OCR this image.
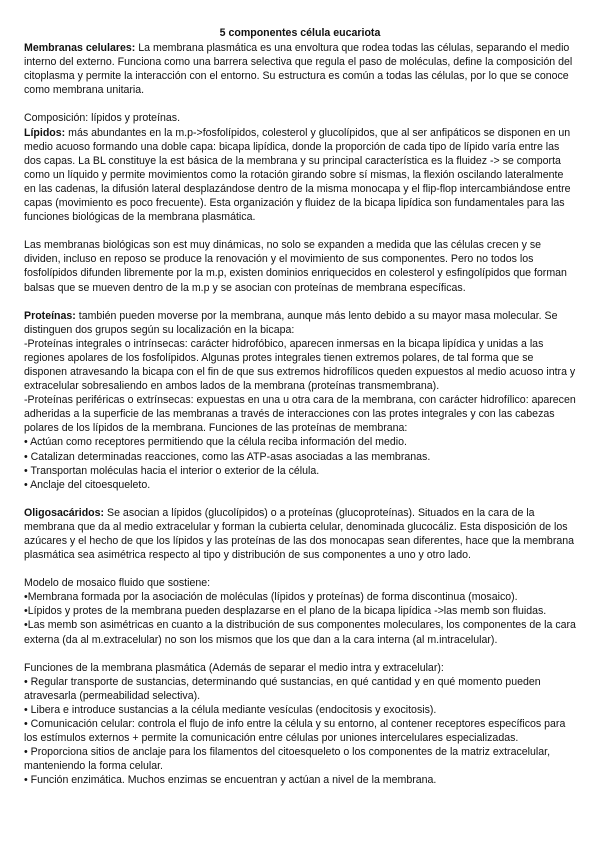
5 componentes célula eucariota

Membranas celulares: La membrana plasmática es una envoltura que rodea todas las células, separando el medio interno del externo. Funciona como una barrera selectiva que regula el paso de moléculas, define la composición del citoplasma y permite la interacción con el entorno. Su estructura es común a todas las células, por lo que se conoce como membrana unitaria.

Composición: lípidos y proteínas.

Lípidos: más abundantes en la m.p->fosfolípidos, colesterol y glucolípidos, que al ser anfipáticos se disponen en un medio acuoso formando una doble capa: bicapa lipídica, donde la proporción de cada tipo de lípido varía entre las dos capas. La BL constituye la est básica de la membrana y su principal característica es la fluidez -> se comporta como un líquido y permite movimientos como la rotación girando sobre sí mismas, la flexión oscilando lateralmente en las cadenas, la difusión lateral desplazándose dentro de la misma monocapa y el flip-flop intercambiándose entre capas (movimiento es poco frecuente). Esta organización y fluidez de la bicapa lipídica son fundamentales para las funciones biológicas de la membrana plasmática.

Las membranas biológicas son est muy dinámicas, no solo se expanden a medida que las células crecen y se dividen, incluso en reposo se produce la renovación y el movimiento de sus componentes. Pero no todos los fosfolípidos difunden libremente por la m.p, existen dominios enriquecidos en colesterol y esfingolípidos que forman balsas que se mueven dentro de la m.p y se asocian con proteínas de membrana específicas.

Proteínas: también pueden moverse por la membrana, aunque más lento debido a su mayor masa molecular. Se distinguen dos grupos según su localización en la bicapa:

-Proteínas integrales o intrínsecas: carácter hidrofóbico, aparecen inmersas en la bicapa lipídica y unidas a las regiones apolares de los fosfolípidos. Algunas protes integrales tienen extremos polares, de tal forma que se disponen atravesando la bicapa con el fin de que sus extremos hidrofílicos queden expuestos al medio acuoso intra y extracelular sobresaliendo en ambos lados de la membrana (proteínas transmembrana).

-Proteínas periféricas o extrínsecas: expuestas en una u otra cara de la membrana, con carácter hidrofílico: aparecen adheridas a la superficie de las membranas a través de interacciones con las protes integrales y con las cabezas polares de los lípidos de la membrana. Funciones de las proteínas de membrana:

• Actúan como receptores permitiendo que la célula reciba información del medio.
• Catalizan determinadas reacciones, como las ATP-asas asociadas a las membranas.
• Transportan moléculas hacia el interior o exterior de la célula.
• Anclaje del citoesqueleto.

Oligosacáridos: Se asocian a lípidos (glucolípidos) o a proteínas (glucoproteínas). Situados en la cara de la membrana que da al medio extracelular y forman la cubierta celular, denominada glucocáliz. Esta disposición de los azúcares y el hecho de que los lípidos y las proteínas de las dos monocapas sean diferentes, hace que la membrana plasmática sea asimétrica respecto al tipo y distribución de sus componentes a uno y otro lado.

Modelo de mosaico fluido que sostiene:

•Membrana formada por la asociación de moléculas (lípidos y proteínas) de forma discontinua (mosaico).
•Lípidos y protes de la membrana pueden desplazarse en el plano de la bicapa lipídica ->las memb son fluidas.
•Las memb son asimétricas en cuanto a la distribución de sus componentes moleculares, los componentes de la cara externa (da al m.extracelular) no son los mismos que los que dan a la cara interna (al m.intracelular).

Funciones de la membrana plasmática (Además de separar el medio intra y extracelular):

• Regular transporte de sustancias, determinando qué sustancias, en qué cantidad y en qué momento pueden atravesarla (permeabilidad selectiva).
• Libera e introduce sustancias a la célula mediante vesículas (endocitosis y exocitosis).
• Comunicación celular: controla el flujo de info entre la célula y su entorno, al contener receptores específicos para los estímulos externos + permite la comunicación entre células por uniones intercelulares especializadas.
• Proporciona sitios de anclaje para los filamentos del citoesqueleto o los componentes de la matriz extracelular, manteniendo la forma celular.
• Función enzimática. Muchos enzimas se encuentran y actúan a nivel de la membrana.
